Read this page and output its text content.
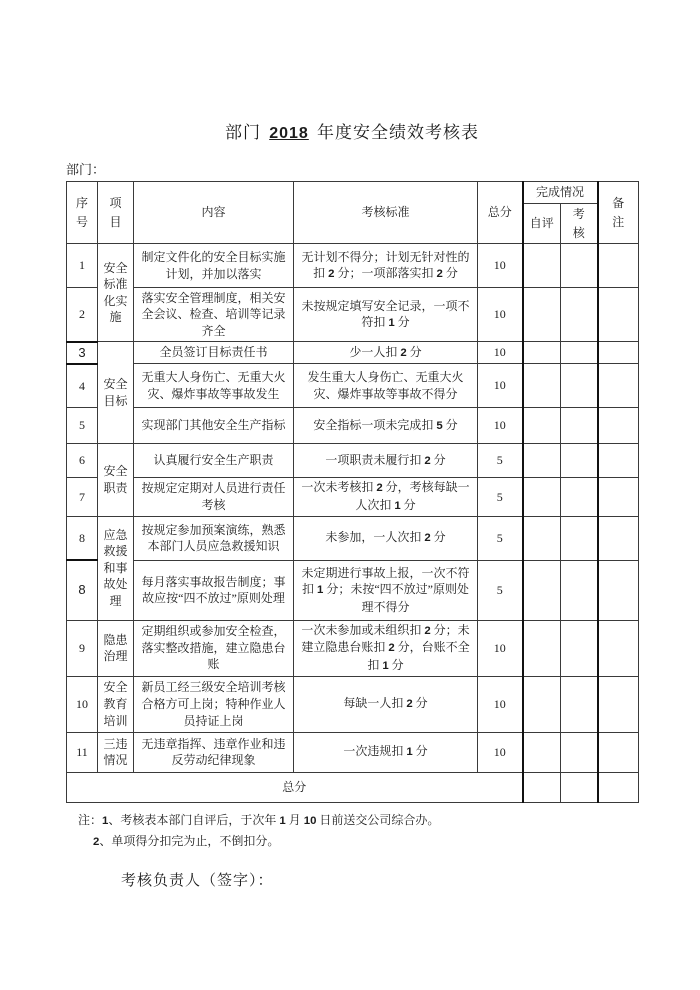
部门 2018 年度安全绩效考核表
部门：
序号	项目	内容	考核标准	总分	完成情况		备注
					自评	考核	
1	安全标准化实施	制定文件化的安全目标实施计划，并加以落实	无计划不得分；计划无针对性的扣 2 分；一项部落实扣 2 分	10			
2		落实安全管理制度，相关安全会议、检查、培训等记录齐全	未按规定填写安全记录，一项不符扣 1 分	10			
3	安全目标	全员签订目标责任书	少一人扣 2 分	10			
4		无重大人身伤亡、无重大火灾、爆炸事故等事故发生	发生重大人身伤亡、无重大火灾、爆炸事故等事故不得分	10			
5		实现部门其他安全生产指标	安全指标一项未完成扣 5 分	10			
6	安全职责	认真履行安全生产职责	一项职责未履行扣 2 分	5			
7		按规定定期对人员进行责任考核	一次未考核扣 2 分，考核每缺一人次扣 1 分	5			
8	应急救援和事故处理	按规定参加预案演练，熟悉本部门人员应急救援知识	未参加，一人次扣 2 分	5			
8		每月落实事故报告制度；事故应按“四不放过”原则处理	未定期进行事故上报，一次不符扣 1 分；未按“四不放过”原则处理不得分	5			
9	隐患治理	定期组织或参加安全检查，落实整改措施，建立隐患台账	一次未参加或未组织扣 2 分；未建立隐患台账扣 2 分，台账不全扣 1 分	10			
10	安全教育培训	新员工经三级安全培训考核合格方可上岗；特种作业人员持证上岗	每缺一人扣 2 分	10			
11	三违情况	无违章指挥、违章作业和违反劳动纪律现象	一次违规扣 1 分	10			
总分							

注：1、考核表本部门自评后，于次年 1 月 10 日前送交公司综合办。

2、单项得分扣完为止，不倒扣分。

考核负责人（签字）：
